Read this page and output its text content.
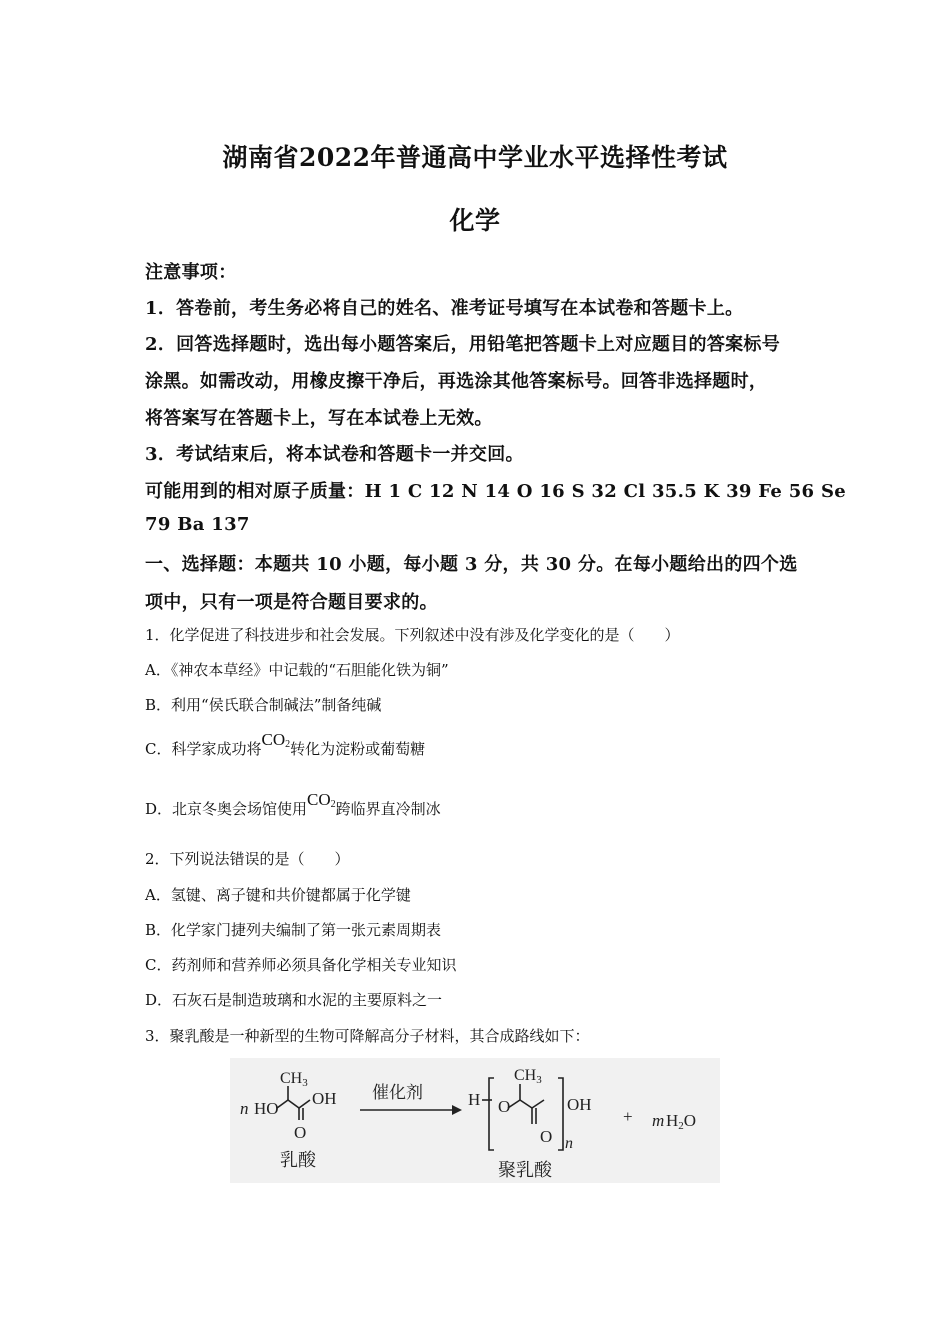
湖南省2022年普通高中学业水平选择性考试
化学
注意事项：
1．答卷前，考生务必将自己的姓名、准考证号填写在本试卷和答题卡上。
2．回答选择题时，选出每小题答案后，用铅笔把答题卡上对应题目的答案标号
涂黑。如需改动，用橡皮擦干净后，再选涂其他答案标号。回答非选择题时，
将答案写在答题卡上，写在本试卷上无效。
3．考试结束后，将本试卷和答题卡一并交回。
可能用到的相对原子质量：H 1 C 12 N 14 O 16 S 32 Cl 35.5 K 39 Fe 56 Se
79 Ba 137
一、选择题：本题共 10 小题，每小题 3 分，共 30 分。在每小题给出的四个选
项中，只有一项是符合题目要求的。
1．化学促进了科技进步和社会发展。下列叙述中没有涉及化学变化的是（　　）
A．《神农本草经》中记载的“石胆能化铁为铜”
B．利用“侯氏联合制碱法”制备纯碱
C．科学家成功将$CO_2$转化为淀粉或葡萄糖
D．北京冬奥会场馆使用$CO_2$跨临界直冷制冰
2．下列说法错误的是（　　）
A．氢键、离子键和共价键都属于化学键
B．化学家门捷列夫编制了第一张元素周期表
C．药剂师和营养师必须具备化学相关专业知识
D．石灰石是制造玻璃和水泥的主要原料之一
3．聚乳酸是一种新型的生物可降解高分子材料，其合成路线如下：
n HO
CH3
OH
O
乳酸
催化剂	H O
CH3
O n
OH
聚乳酸
+ m H2O
